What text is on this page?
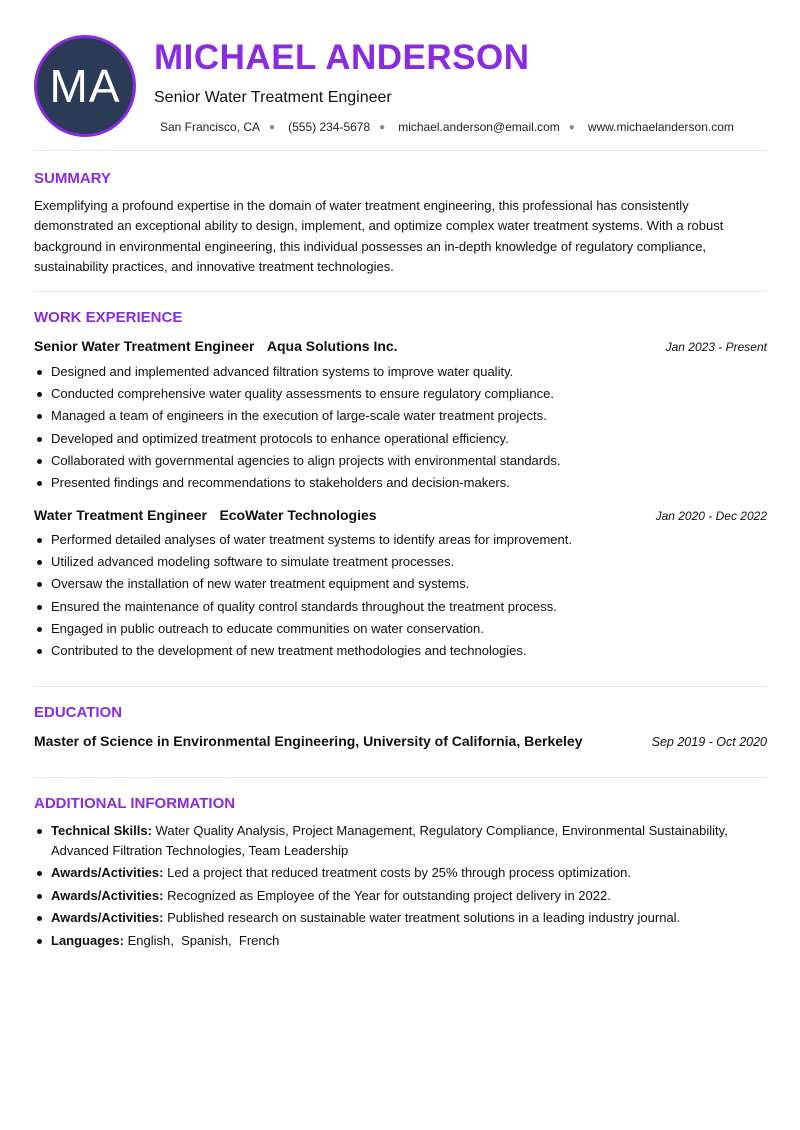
MA
MICHAEL ANDERSON
Senior Water Treatment Engineer
San Francisco, CA ● (555) 234-5678 ● michael.anderson@email.com ● www.michaelanderson.com
SUMMARY
Exemplifying a profound expertise in the domain of water treatment engineering, this professional has consistently demonstrated an exceptional ability to design, implement, and optimize complex water treatment systems. With a robust background in environmental engineering, this individual possesses an in-depth knowledge of regulatory compliance, sustainability practices, and innovative treatment technologies.
WORK EXPERIENCE
Senior Water Treatment Engineer Aqua Solutions Inc.	Jan 2023 - Present
Designed and implemented advanced filtration systems to improve water quality.
Conducted comprehensive water quality assessments to ensure regulatory compliance.
Managed a team of engineers in the execution of large-scale water treatment projects.
Developed and optimized treatment protocols to enhance operational efficiency.
Collaborated with governmental agencies to align projects with environmental standards.
Presented findings and recommendations to stakeholders and decision-makers.
Water Treatment Engineer EcoWater Technologies	Jan 2020 - Dec 2022
Performed detailed analyses of water treatment systems to identify areas for improvement.
Utilized advanced modeling software to simulate treatment processes.
Oversaw the installation of new water treatment equipment and systems.
Ensured the maintenance of quality control standards throughout the treatment process.
Engaged in public outreach to educate communities on water conservation.
Contributed to the development of new treatment methodologies and technologies.
EDUCATION
Master of Science in Environmental Engineering, University of California, Berkeley	Sep 2019 - Oct 2020
ADDITIONAL INFORMATION
Technical Skills: Water Quality Analysis, Project Management, Regulatory Compliance, Environmental Sustainability, Advanced Filtration Technologies, Team Leadership
Awards/Activities: Led a project that reduced treatment costs by 25% through process optimization.
Awards/Activities: Recognized as Employee of the Year for outstanding project delivery in 2022.
Awards/Activities: Published research on sustainable water treatment solutions in a leading industry journal.
Languages: English,  Spanish,  French
